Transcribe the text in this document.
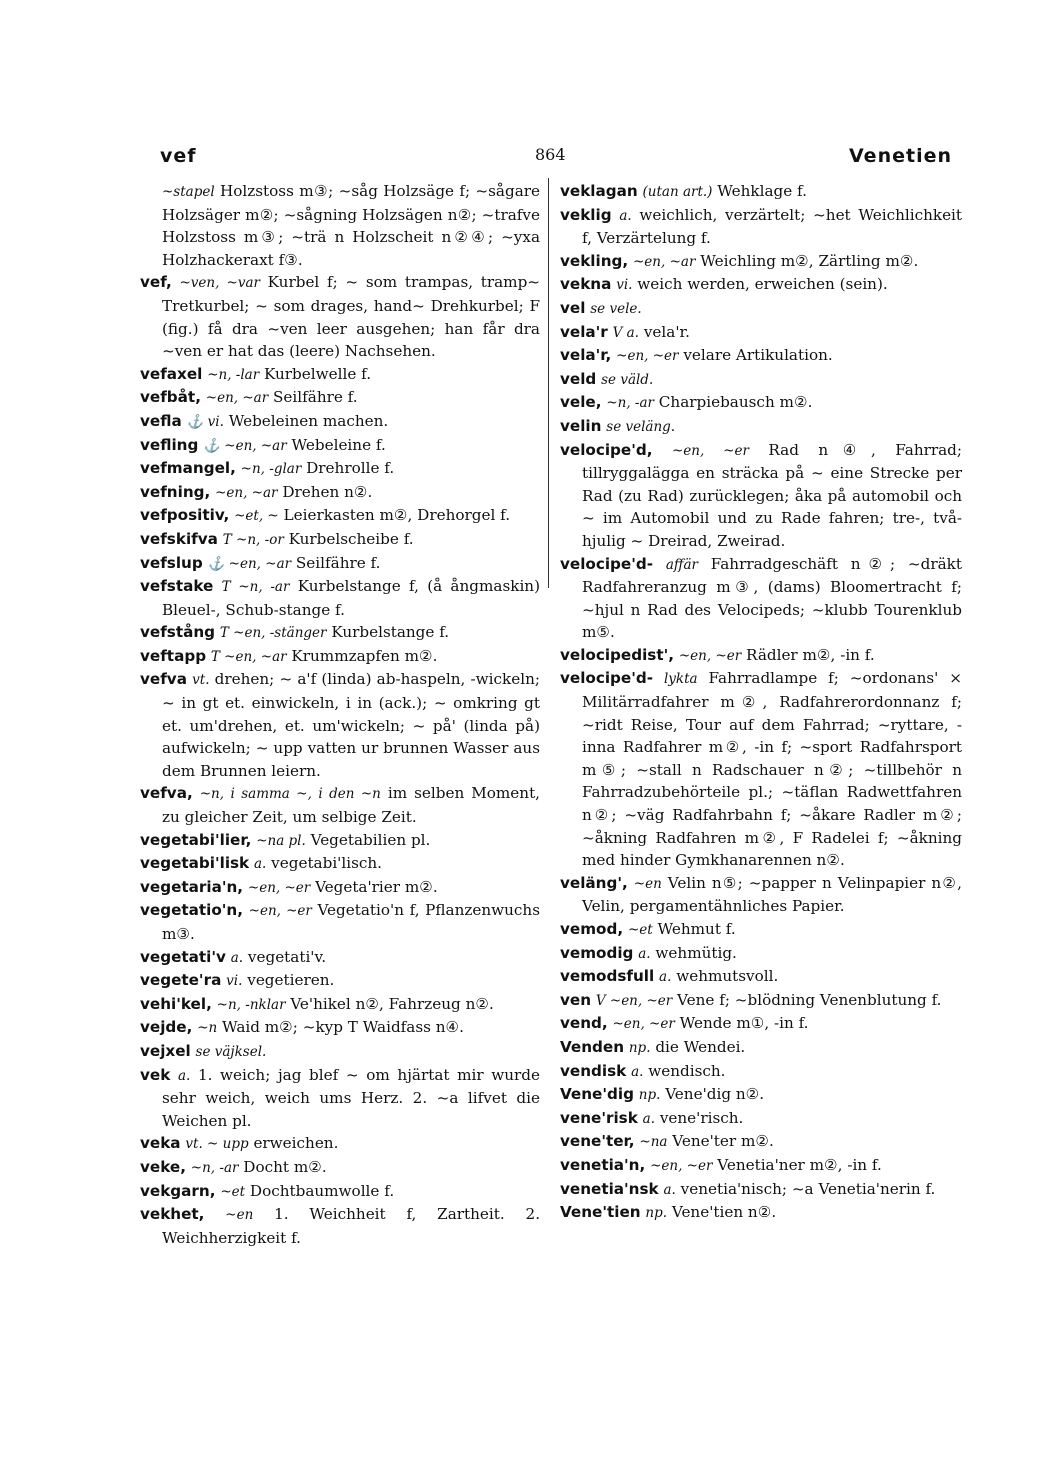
vef	864	Venetien
~stapel Holzstoss m③; ~såg Holzsäge f; ~sågare Holzsäger m②; ~sågning Holzsägen n②; ~trafve Holzstoss m③; ~trä n Holzscheit n②④; ~yxa Holzhackeraxt f③.
vef, ~ven, ~var Kurbel f; ~ som trampas, tramp~ Tretkurbel; ~ som drages, hand~ Drehkurbel; F (fig.) få dra ~ven leer ausgehen; han får dra ~ven er hat das (leere) Nachsehen.
vefaxel ~n, -lar Kurbelwelle f.
vefbåt, ~en, ~ar Seilfähre f.
vefla ⚓ vi. Webeleinen machen.
vefling ⚓ ~en, ~ar Webeleine f.
vefmangel, ~n, -glar Drehrolle f.
vefning, ~en, ~ar Drehen n②.
vefpositiv, ~et, ~ Leierkasten m②, Drehorgel f.
vefskifva T ~n, -or Kurbelscheibe f.
vefslup ⚓ ~en, ~ar Seilfähre f.
vefstake T ~n, -ar Kurbelstange f, (å ångmaskin) Bleuel-, Schub-stange f.
vefstång T ~en, -stänger Kurbelstange f.
veftapp T ~en, ~ar Krummzapfen m②.
vefva vt. drehen; ~ a'f (linda) ab-haspeln, -wickeln; ~ in gt et. einwickeln, i in (ack.); ~ omkring gt et. um'drehen, et. um'wickeln; ~ på' (linda på) aufwickeln; ~ upp vatten ur brunnen Wasser aus dem Brunnen leiern.
vefva, ~n, i samma ~, i den ~n im selben Moment, zu gleicher Zeit, um selbige Zeit.
vegetabi'lier, ~na pl. Vegetabilien pl.
vegetabi'lisk a. vegetabi'lisch.
vegetaria'n, ~en, ~er Vegeta'rier m②.
vegetatio'n, ~en, ~er Vegetatio'n f, Pflanzenwuchs m③.
vegetati'v a. vegetati'v.
vegete'ra vi. vegetieren.
vehi'kel, ~n, -nklar Ve'hikel n②, Fahrzeug n②.
vejde, ~n Waid m②; ~kyp T Waidfass n④.
vejxel se väjksel.
vek a. 1. weich; jag blef ~ om hjärtat mir wurde sehr weich, weich ums Herz. 2. ~a lifvet die Weichen pl.
veka vt. ~ upp erweichen.
veke, ~n, -ar Docht m②.
vekgarn, ~et Dochtbaumwolle f.
vekhet, ~en 1. Weichheit f, Zartheit. 2. Weichherzigkeit f.
veklagan (utan art.) Wehklage f.
veklig a. weichlich, verzärtelt; ~het Weichlichkeit f, Verzärtelung f.
vekling, ~en, ~ar Weichling m②, Zärtling m②.
vekna vi. weich werden, erweichen (sein).
vel se vele.
vela'r V a. vela'r.
vela'r, ~en, ~er velare Artikulation.
veld se väld.
vele, ~n, -ar Charpiebausch m②.
velin se veläng.
velocipe'd, ~en, ~er Rad n④, Fahrrad; tillryggalägga en sträcka på ~ eine Strecke per Rad (zu Rad) zurücklegen; åka på automobil och ~ im Automobil und zu Rade fahren; tre-, två-hjulig ~ Dreirad, Zweirad.
velocipe'd- affär Fahrradgeschäft n②; ~dräkt Radfahreranzug m③, (dams) Bloomertracht f; ~hjul n Rad des Velocipeds; ~klubb Tourenklub m⑤.
velocipedist', ~en, ~er Rädler m②, -in f.
velocipe'd- lykta Fahrradlampe f; ~ordonans' × Militärradfahrer m②, Radfahrerordonnanz f; ~ridt Reise, Tour auf dem Fahrrad; ~ryttare, -inna Radfahrer m②, -in f; ~sport Radfahrsport m⑤; ~stall n Radschauer n②; ~tillbehör n Fahrradzubehörteile pl.; ~täflan Radwettfahren n②; ~väg Radfahrbahn f; ~åkare Radler m②; ~åkning Radfahren m②, F Radelei f; ~åkning med hinder Gymkhanarennen n②.
veläng', ~en Velin n⑤; ~papper n Velinpapier n②, Velin, pergamentähnliches Papier.
vemod, ~et Wehmut f.
vemodig a. wehmütig.
vemodsfull a. wehmutsvoll.
ven V ~en, ~er Vene f; ~blödning Venenblutung f.
vend, ~en, ~er Wende m①, -in f.
Venden np. die Wendei.
vendisk a. wendisch.
Vene'dig np. Vene'dig n②.
vene'risk a. vene'risch.
vene'ter, ~na Vene'ter m②.
venetia'n, ~en, ~er Venetia'ner m②, -in f.
venetia'nsk a. venetia'nisch; ~a Venetia'nerin f.
Vene'tien np. Vene'tien n②.
